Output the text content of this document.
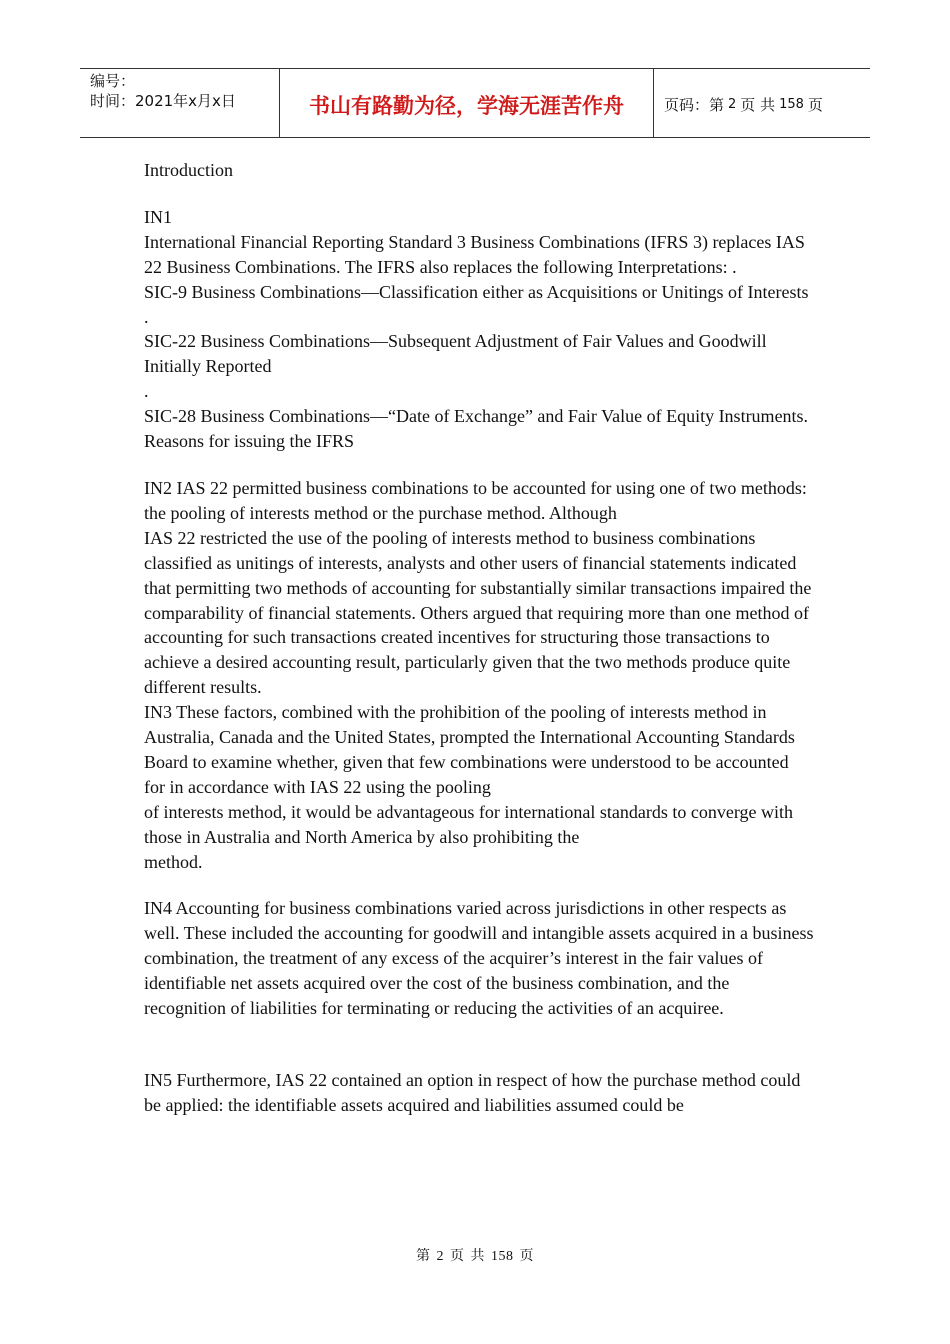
编号：
时间：2021年x月x日	书山有路勤为径，学海无涯苦作舟	页码：第 2 页 共 158 页

Introduction

IN1

International Financial Reporting Standard 3 Business Combinations (IFRS 3) replaces IAS 22 Business Combinations. The IFRS also replaces the following Interpretations: .

SIC-9 Business Combinations—Classification either as Acquisitions or Unitings of Interests

.

SIC-22 Business Combinations—Subsequent Adjustment of Fair Values and Goodwill Initially Reported

.

SIC-28 Business Combinations—“Date of Exchange” and Fair Value of Equity Instruments.

Reasons for issuing the IFRS

IN2 IAS 22 permitted business combinations to be accounted for using one of two methods: the pooling of interests method or the purchase method. Although

IAS 22 restricted the use of the pooling of interests method to business combinations classified as unitings of interests, analysts and other users of financial statements indicated that permitting two methods of accounting for substantially similar transactions impaired the comparability of financial statements. Others argued that requiring more than one method of accounting for such transactions created incentives for structuring those transactions to achieve a desired accounting result, particularly given that the two methods produce quite different results.

IN3 These factors, combined with the prohibition of the pooling of interests method in Australia, Canada and the United States, prompted the International Accounting Standards Board to examine whether, given that few combinations were understood to be accounted for in accordance with IAS 22 using the pooling

of interests method, it would be advantageous for international standards to converge with those in Australia and North America by also prohibiting the

method.

IN4 Accounting for business combinations varied across jurisdictions in other respects as well. These included the accounting for goodwill and intangible assets acquired in a business combination, the treatment of any excess of the acquirer’s interest in the fair values of identifiable net assets acquired over the cost of the business combination, and the recognition of liabilities for terminating or reducing the activities of an acquiree.

IN5 Furthermore, IAS 22 contained an option in respect of how the purchase method could be applied: the identifiable assets acquired and liabilities assumed could be

第 2 页 共 158 页
